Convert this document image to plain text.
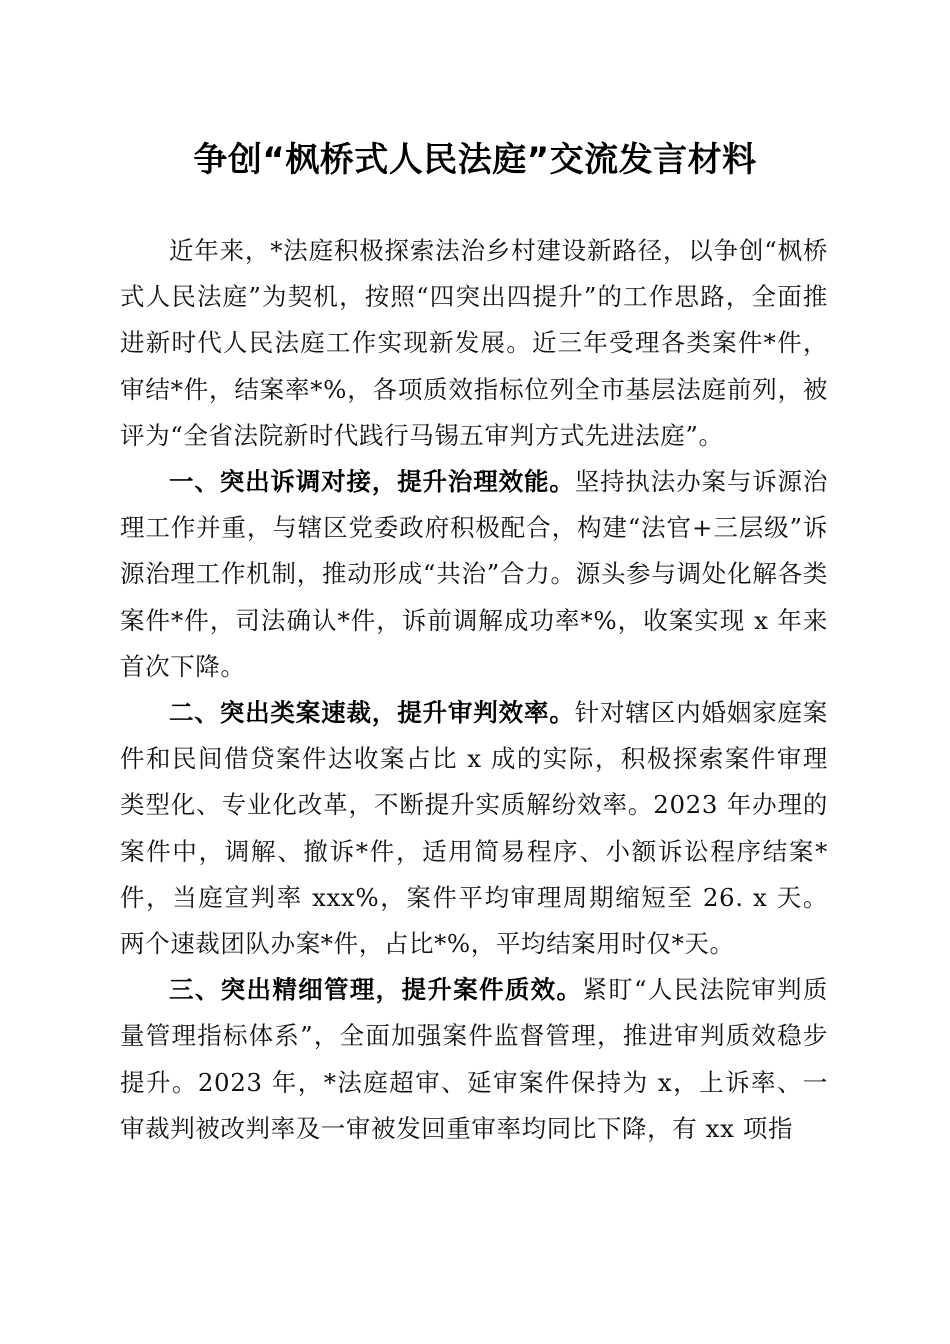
争创“枫桥式人民法庭”交流发言材料

近年来，*法庭积极探索法治乡村建设新路径，以争创“枫桥式人民法庭”为契机，按照“四突出四提升”的工作思路，全面推进新时代人民法庭工作实现新发展。近三年受理各类案件*件，审结*件，结案率*%，各项质效指标位列全市基层法庭前列，被评为“全省法院新时代践行马锡五审判方式先进法庭”。

一、突出诉调对接，提升治理效能。坚持执法办案与诉源治理工作并重，与辖区党委政府积极配合，构建“法官+三层级”诉源治理工作机制，推动形成“共治”合力。源头参与调处化解各类案件*件，司法确认*件，诉前调解成功率*%，收案实现 x 年来首次下降。

二、突出类案速裁，提升审判效率。针对辖区内婚姻家庭案件和民间借贷案件达收案占比 x 成的实际，积极探索案件审理类型化、专业化改革，不断提升实质解纷效率。2023 年办理的案件中，调解、撤诉*件，适用简易程序、小额诉讼程序结案*件，当庭宣判率 xxx%，案件平均审理周期缩短至 26. x 天。两个速裁团队办案*件，占比*%，平均结案用时仅*天。

三、突出精细管理，提升案件质效。紧盯“人民法院审判质量管理指标体系”，全面加强案件监督管理，推进审判质效稳步提升。2023 年，*法庭超审、延审案件保持为 x，上诉率、一审裁判被改判率及一审被发回重审率均同比下降，有 xx 项指
